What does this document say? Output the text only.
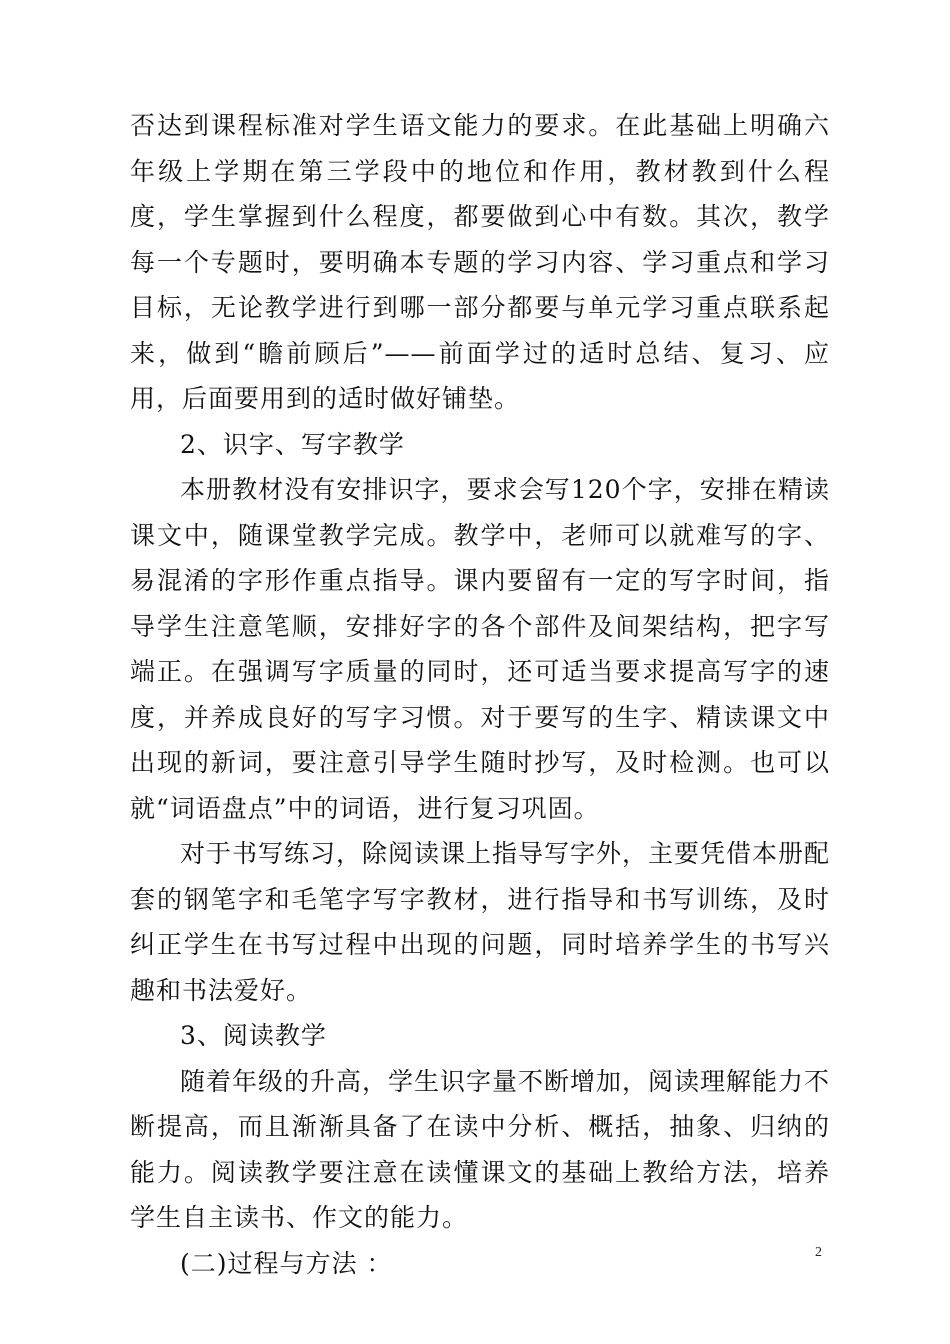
否达到课程标准对学生语文能力的要求。在此基础上明确六年级上学期在第三学段中的地位和作用，教材教到什么程度，学生掌握到什么程度，都要做到心中有数。其次，教学每一个专题时，要明确本专题的学习内容、学习重点和学习目标，无论教学进行到哪一部分都要与单元学习重点联系起来，做到“瞻前顾后”——前面学过的适时总结、复习、应用，后面要用到的适时做好铺垫。

2、识字、写字教学

本册教材没有安排识字，要求会写120个字，安排在精读课文中，随课堂教学完成。教学中，老师可以就难写的字、易混淆的字形作重点指导。课内要留有一定的写字时间，指导学生注意笔顺，安排好字的各个部件及间架结构，把字写端正。在强调写字质量的同时，还可适当要求提高写字的速度，并养成良好的写字习惯。对于要写的生字、精读课文中出现的新词，要注意引导学生随时抄写，及时检测。也可以就“词语盘点”中的词语，进行复习巩固。

对于书写练习，除阅读课上指导写字外，主要凭借本册配套的钢笔字和毛笔字写字教材，进行指导和书写训练，及时纠正学生在书写过程中出现的问题，同时培养学生的书写兴趣和书法爱好。

3、阅读教学

随着年级的升高，学生识字量不断增加，阅读理解能力不断提高，而且渐渐具备了在读中分析、概括，抽象、归纳的能力。阅读教学要注意在读懂课文的基础上教给方法，培养学生自主读书、作文的能力。

(二)过程与方法 ：	2
